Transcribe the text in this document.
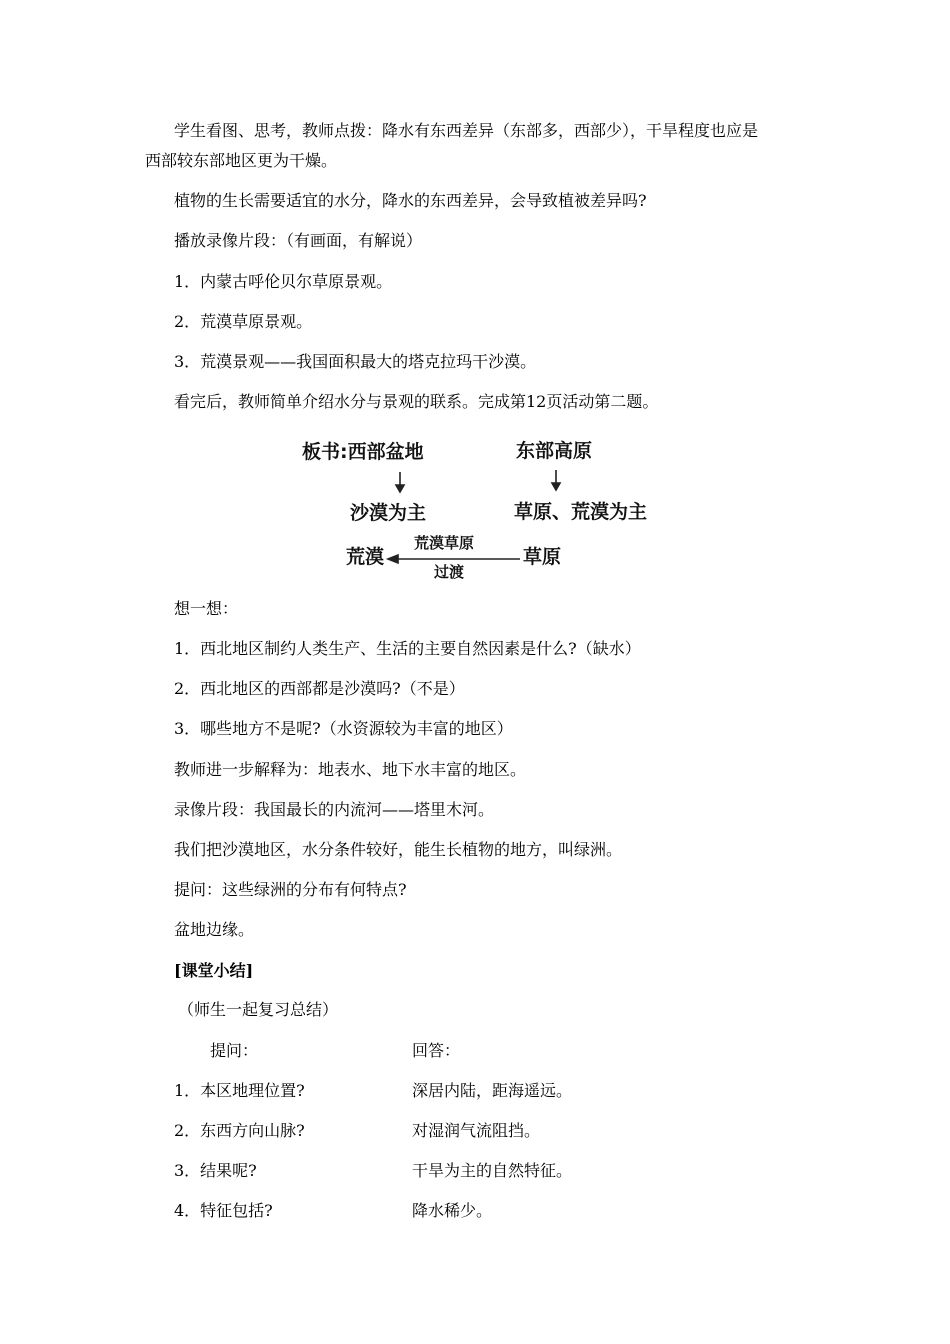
学生看图、思考，教师点拨：降水有东西差异（东部多，西部少），干旱程度也应是
西部较东部地区更为干燥。
植物的生长需要适宜的水分，降水的东西差异，会导致植被差异吗?
播放录像片段：（有画面，有解说）
1．内蒙古呼伦贝尔草原景观。
2．荒漠草原景观。
3．荒漠景观——我国面积最大的塔克拉玛干沙漠。
看完后，教师简单介绍水分与景观的联系。完成第12页活动第二题。
板书:西部盆地	东部高原
沙漠为主	草原、荒漠为主
荒漠
荒漠草原
过渡
草原
想一想：
1．西北地区制约人类生产、生活的主要自然因素是什么?（缺水）
2．西北地区的西部都是沙漠吗?（不是）
3．哪些地方不是呢?（水资源较为丰富的地区）
教师进一步解释为：地表水、地下水丰富的地区。
录像片段：我国最长的内流河——塔里木河。
我们把沙漠地区，水分条件较好，能生长植物的地方，叫绿洲。
提问：这些绿洲的分布有何特点?
盆地边缘。
[课堂小结]
（师生一起复习总结）
提问：	回答：
1．本区地理位置?	深居内陆，距海遥远。
2．东西方向山脉?	对湿润气流阻挡。
3．结果呢?	干旱为主的自然特征。
4．特征包括?	降水稀少。
